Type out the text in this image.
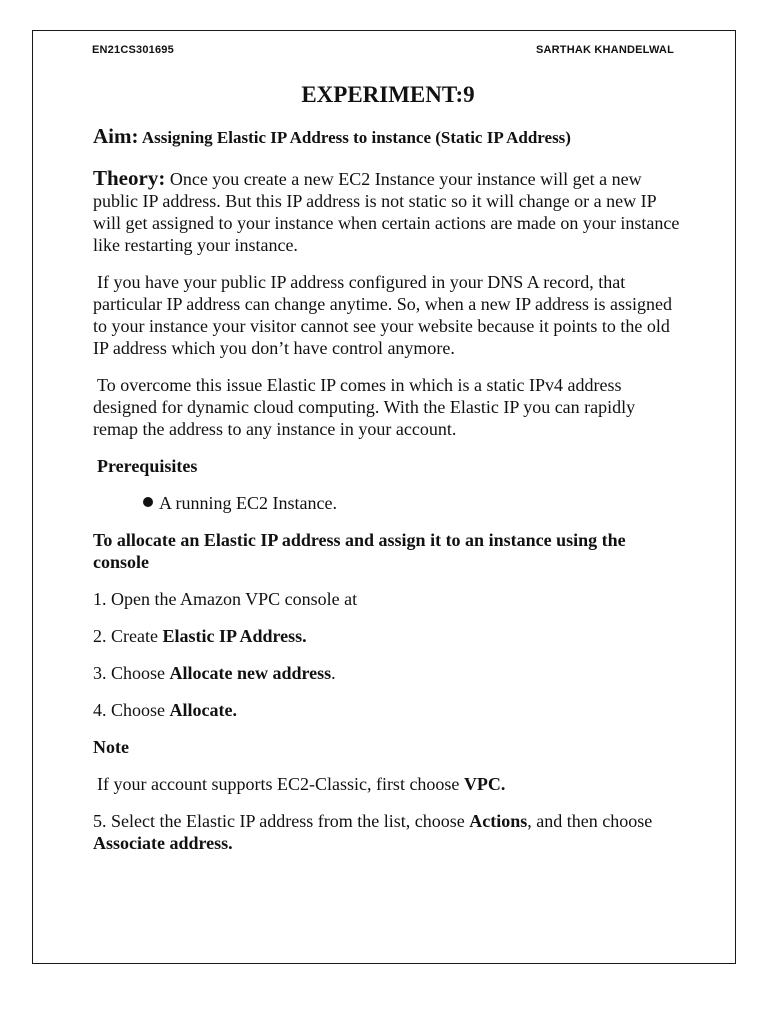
EN21CS301695	SARTHAK KHANDELWAL
EXPERIMENT:9
Aim: Assigning Elastic IP Address to instance (Static IP Address)

Theory: Once you create a new EC2 Instance your instance will get a new public IP address. But this IP address is not static so it will change or a new IP will get assigned to your instance when certain actions are made on your instance like restarting your instance.

If you have your public IP address configured in your DNS A record, that particular IP address can change anytime. So, when a new IP address is assigned to your instance your visitor cannot see your website because it points to the old IP address which you don’t have control anymore.

To overcome this issue Elastic IP comes in which is a static IPv4 address designed for dynamic cloud computing. With the Elastic IP you can rapidly remap the address to any instance in your account.

Prerequisites

A running EC2 Instance.

To allocate an Elastic IP address and assign it to an instance using the console

1. Open the Amazon VPC console at

2. Create Elastic IP Address.

3. Choose Allocate new address.

4. Choose Allocate.

Note

If your account supports EC2-Classic, first choose VPC.

5. Select the Elastic IP address from the list, choose Actions, and then choose Associate address.
